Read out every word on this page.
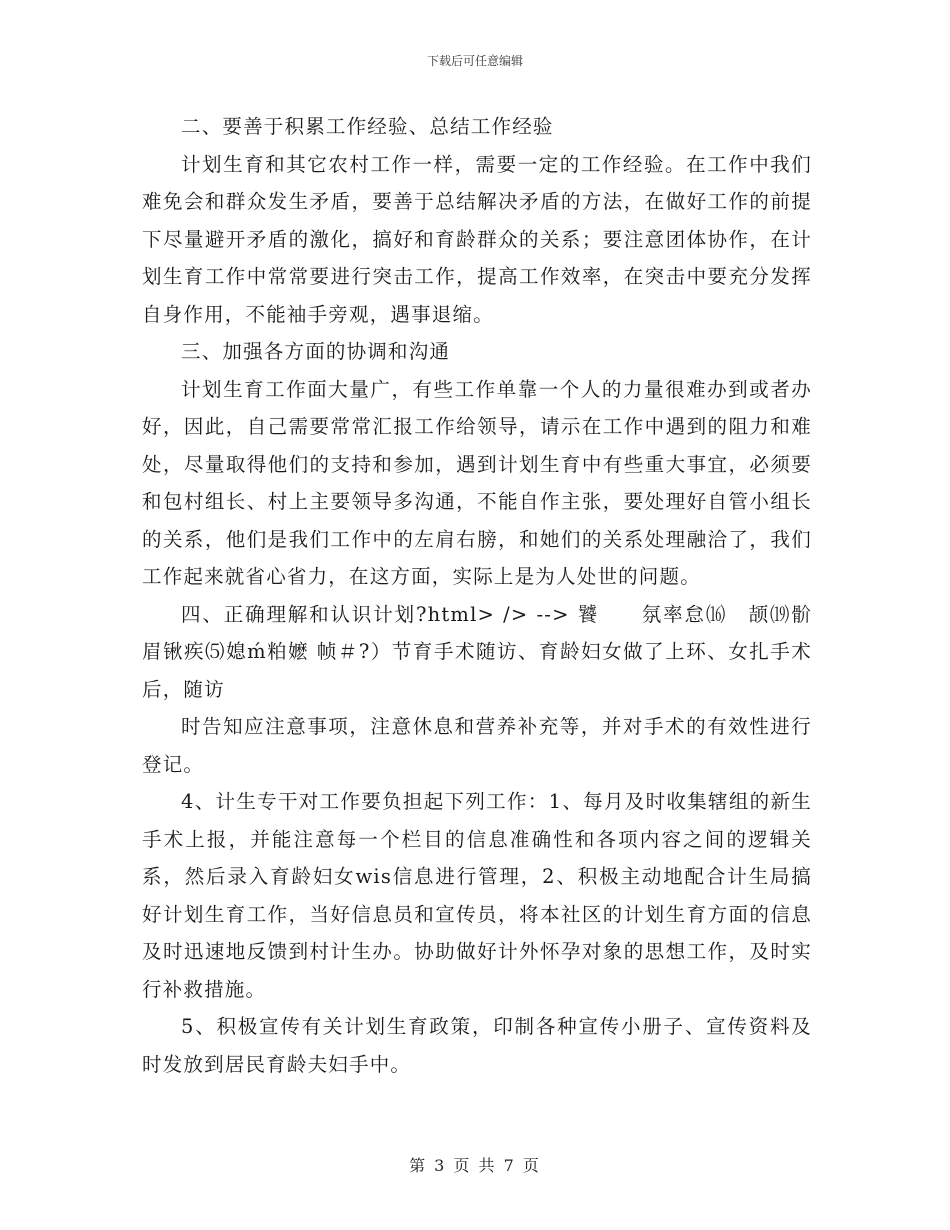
下载后可任意编辑

二、要善于积累工作经验、总结工作经验

计划生育和其它农村工作一样，需要一定的工作经验。在工作中我们难免会和群众发生矛盾，要善于总结解决矛盾的方法，在做好工作的前提下尽量避开矛盾的激化，搞好和育龄群众的关系；要注意团体协作，在计划生育工作中常常要进行突击工作，提高工作效率，在突击中要充分发挥自身作用，不能袖手旁观，遇事退缩。

三、加强各方面的协调和沟通

计划生育工作面大量广，有些工作单靠一个人的力量很难办到或者办好，因此，自己需要常常汇报工作给领导，请示在工作中遇到的阻力和难处，尽量取得他们的支持和参加，遇到计划生育中有些重大事宜，必须要和包村组长、村上主要领导多沟通，不能自作主张，要处理好自管小组长的关系，他们是我们工作中的左肩右膀，和她们的关系处理融洽了，我们工作起来就省心省力，在这方面，实际上是为人处世的问题。

四、正确理解和认识计划?html> /> --> 饕　　氛率怠⒃　颉⒆骱眉锹疾⑸媳ḿ粕嬷 帧＃?）节育手术随访、育龄妇女做了上环、女扎手术后，随访

时告知应注意事项，注意休息和营养补充等，并对手术的有效性进行登记。

4、计生专干对工作要负担起下列工作：1、每月及时收集辖组的新生手术上报，并能注意每一个栏目的信息准确性和各项内容之间的逻辑关系，然后录入育龄妇女wis信息进行管理，2、积极主动地配合计生局搞好计划生育工作，当好信息员和宣传员，将本社区的计划生育方面的信息及时迅速地反馈到村计生办。协助做好计外怀孕对象的思想工作，及时实行补救措施。

5、积极宣传有关计划生育政策，印制各种宣传小册子、宣传资料及时发放到居民育龄夫妇手中。

第 3 页 共 7 页
